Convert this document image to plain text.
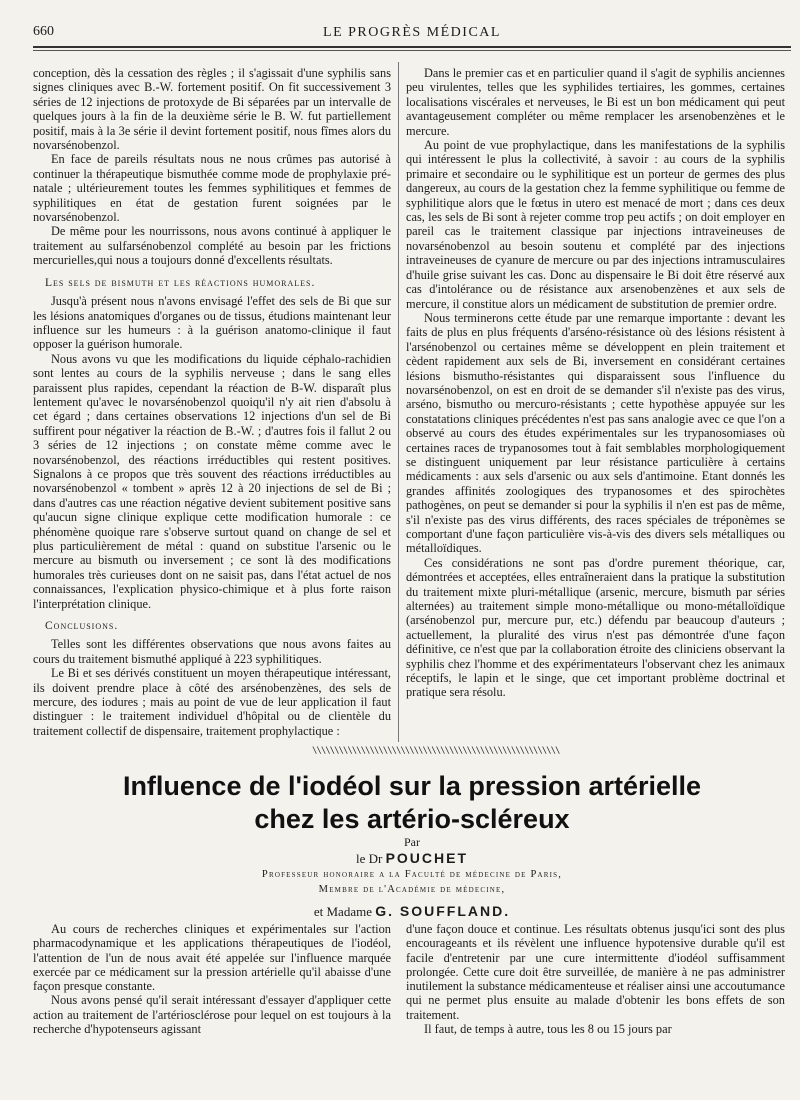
660	LE PROGRÈS MÉDICAL

conception, dès la cessation des règles ; il s'agissait d'une syphilis sans signes cliniques avec B.-W. fortement positif. On fit successivement 3 séries de 12 injections de protoxyde de Bi séparées par un intervalle de quelques jours à la fin de la deuxième série le B. W. fut partiellement positif, mais à la 3e série il devint fortement positif, nous fîmes alors du novarsénobenzol.

En face de pareils résultats nous ne nous crûmes pas autorisé à continuer la thérapeutique bismuthée comme mode de prophylaxie pré-natale ; ultérieurement toutes les femmes syphilitiques et femmes de syphilitiques en état de gestation furent soignées par le novarsénobenzol.

De même pour les nourrissons, nous avons continué à appliquer le traitement au sulfarsénobenzol complété au besoin par les frictions mercurielles,qui nous a toujours donné d'excellents résultats.

Les sels de bismuth et les réactions humorales.

Jusqu'à présent nous n'avons envisagé l'effet des sels de Bi que sur les lésions anatomiques d'organes ou de tissus, étudions maintenant leur influence sur les humeurs : à la guérison anatomo-clinique il faut opposer la guérison humorale.

Nous avons vu que les modifications du liquide céphalo-rachidien sont lentes au cours de la syphilis nerveuse ; dans le sang elles paraissent plus rapides, cependant la réaction de B-W. disparaît plus lentement qu'avec le novarsénobenzol quoiqu'il n'y ait rien d'absolu à cet égard ; dans certaines observations 12 injections d'un sel de Bi suffirent pour négativer la réaction de B.-W. ; d'autres fois il fallut 2 ou 3 séries de 12 injections ; on constate même comme avec le novarsénobenzol, des réactions irréductibles qui restent positives. Signalons à ce propos que très souvent des réactions irréductibles au novarsénobenzol « tombent » après 12 à 20 injections de sel de Bi ; dans d'autres cas une réaction négative devient subitement positive sans qu'aucun signe clinique explique cette modification humorale : ce phénomène quoique rare s'observe surtout quand on change de sel et plus particulièrement de métal : quand on substitue l'arsenic ou le mercure au bismuth ou inversement ; ce sont là des modifications humorales très curieuses dont on ne saisit pas, dans l'état actuel de nos connaissances, l'explication physico-chimique et à plus forte raison l'interprétation clinique.

Conclusions.

Telles sont les différentes observations que nous avons faites au cours du traitement bismuthé appliqué à 223 syphilitiques.

Le Bi et ses dérivés constituent un moyen thérapeutique intéressant, ils doivent prendre place à côté des arsénobenzènes, des sels de mercure, des iodures ; mais au point de vue de leur application il faut distinguer : le traitement individuel d'hôpital ou de clientèle du traitement collectif de dispensaire, traitement prophylactique :

Dans le premier cas et en particulier quand il s'agit de syphilis anciennes peu virulentes, telles que les syphilides tertiaires, les gommes, certaines localisations viscérales et nerveuses, le Bi est un bon médicament qui peut avantageusement compléter ou même remplacer les arsenobenzènes et le mercure.

Au point de vue prophylactique, dans les manifestations de la syphilis qui intéressent le plus la collectivité, à savoir : au cours de la syphilis primaire et secondaire ou le syphilitique est un porteur de germes des plus dangereux, au cours de la gestation chez la femme syphilitique ou femme de syphilitique alors que le fœtus in utero est menacé de mort ; dans ces deux cas, les sels de Bi sont à rejeter comme trop peu actifs ; on doit employer en pareil cas le traitement classique par injections intraveineuses de novarsénobenzol au besoin soutenu et complété par des injections intraveineuses de cyanure de mercure ou par des injections intramusculaires d'huile grise suivant les cas. Donc au dispensaire le Bi doit être réservé aux cas d'intolérance ou de résistance aux arsenobenzènes et aux sels de mercure, il constitue alors un médicament de substitution de premier ordre.

Nous terminerons cette étude par une remarque importante : devant les faits de plus en plus fréquents d'arséno-résistance où des lésions résistent à l'arsénobenzol ou certaines même se développent en plein traitement et cèdent rapidement aux sels de Bi, inversement en considérant certaines lésions bismutho-résistantes qui disparaissent sous l'influence du novarsénobenzol, on est en droit de se demander s'il n'existe pas des virus, arséno, bismutho ou mercuro-résistants ; cette hypothèse appuyée sur les constatations cliniques précédentes n'est pas sans analogie avec ce que l'on a observé au cours des études expérimentales sur les trypanosomiases où certaines races de trypanosomes tout à fait semblables morphologiquement se distinguent uniquement par leur résistance particulière à certains médicaments : aux sels d'arsenic ou aux sels d'antimoine. Etant donnés les grandes affinités zoologiques des trypanosomes et des spirochètes pathogènes, on peut se demander si pour la syphilis il n'en est pas de même, s'il n'existe pas des virus différents, des races spéciales de tréponèmes se comportant d'une façon particulière vis-à-vis des divers sels métalliques ou métalloïdiques.

Ces considérations ne sont pas d'ordre purement théorique, car, démontrées et acceptées, elles entraîneraient dans la pratique la substitution du traitement mixte pluri-métallique (arsenic, mercure, bismuth par séries alternées) au traitement simple mono-métallique ou mono-métalloïdique (arsénobenzol pur, mercure pur, etc.) défendu par beaucoup d'auteurs ; actuellement, la pluralité des virus n'est pas démontrée d'une façon définitive, ce n'est que par la collaboration étroite des cliniciens observant la syphilis chez l'homme et des expérimentateurs l'observant chez les animaux réceptifs, le lapin et le singe, que cet important problème doctrinal et pratique sera résolu.

\\\\\\\\\\\\\\\\\\\\\\\\\\\\\\\\\\\\\\\\\\\\\\\\\\\\\\\\
Influence de l'iodéol sur la pression artérielle
chez les artério-scléreux
Par
le Dr POUCHET
Professeur honoraire a la Faculté de médecine de Paris,
Membre de l'Académie de médecine,
et Madame G. SOUFFLAND.

Au cours de recherches cliniques et expérimentales sur l'action pharmacodynamique et les applications thérapeutiques de l'iodéol, l'attention de l'un de nous avait été appelée sur l'influence marquée exercée par ce médicament sur la pression artérielle qu'il abaisse d'une façon presque constante.

Nous avons pensé qu'il serait intéressant d'essayer d'appliquer cette action au traitement de l'artériosclérose pour lequel on est toujours à la recherche d'hypotenseurs agissant

d'une façon douce et continue. Les résultats obtenus jusqu'ici sont des plus encourageants et ils révèlent une influence hypotensive durable qu'il est facile d'entretenir par une cure intermittente d'iodéol suffisamment prolongée. Cette cure doit être surveillée, de manière à ne pas administrer inutilement la substance médicamenteuse et réaliser ainsi une accoutumance qui ne permet plus ensuite au malade d'obtenir les bons effets de son traitement.

Il faut, de temps à autre, tous les 8 ou 15 jours par
